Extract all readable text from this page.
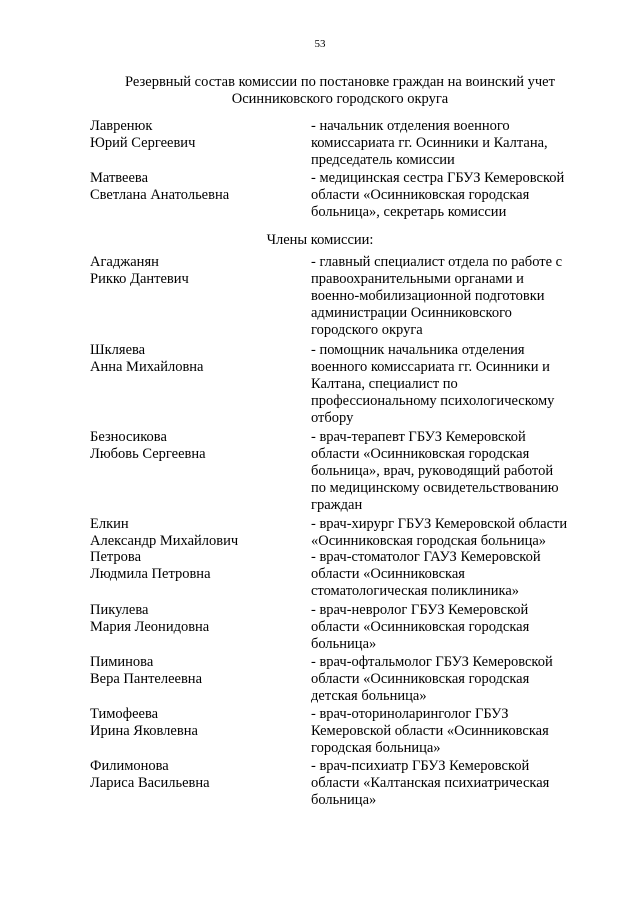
53
Резервный состав комиссии по постановке граждан на воинский учет
Осинниковского городского округа
Лавренюк
Юрий Сергеевич
- начальник отделения военного
комиссариата гг. Осинники и Калтана,
председатель комиссии
Матвеева
Светлана Анатольевна
- медицинская сестра ГБУЗ Кемеровской
области «Осинниковская городская
больница», секретарь комиссии
Члены комиссии:
Агаджанян
Рикко Дантевич
- главный специалист отдела по работе с
правоохранительными органами и
военно-мобилизационной подготовки
администрации Осинниковского
городского округа
Шкляева
Анна Михайловна
- помощник начальника отделения
военного комиссариата гг. Осинники и
Калтана, специалист по
профессиональному психологическому
отбору
Безносикова
Любовь Сергеевна
- врач-терапевт ГБУЗ Кемеровской
области «Осинниковская городская
больница», врач, руководящий работой
по медицинскому освидетельствованию
граждан
Елкин
Александр Михайлович
- врач-хирург ГБУЗ Кемеровской области
«Осинниковская городская больница»
Петрова
Людмила Петровна
- врач-стоматолог ГАУЗ Кемеровской
области «Осинниковская
стоматологическая поликлиника»
Пикулева
Мария Леонидовна
- врач-невролог ГБУЗ Кемеровской
области «Осинниковская городская
больница»
Пиминова
Вера Пантелеевна
- врач-офтальмолог ГБУЗ Кемеровской
области «Осинниковская городская
детская больница»
Тимофеева
Ирина Яковлевна
- врач-оториноларинголог ГБУЗ
Кемеровской области «Осинниковская
городская больница»
Филимонова
Лариса Васильевна
- врач-психиатр ГБУЗ Кемеровской
области «Калтанская психиатрическая
больница»
